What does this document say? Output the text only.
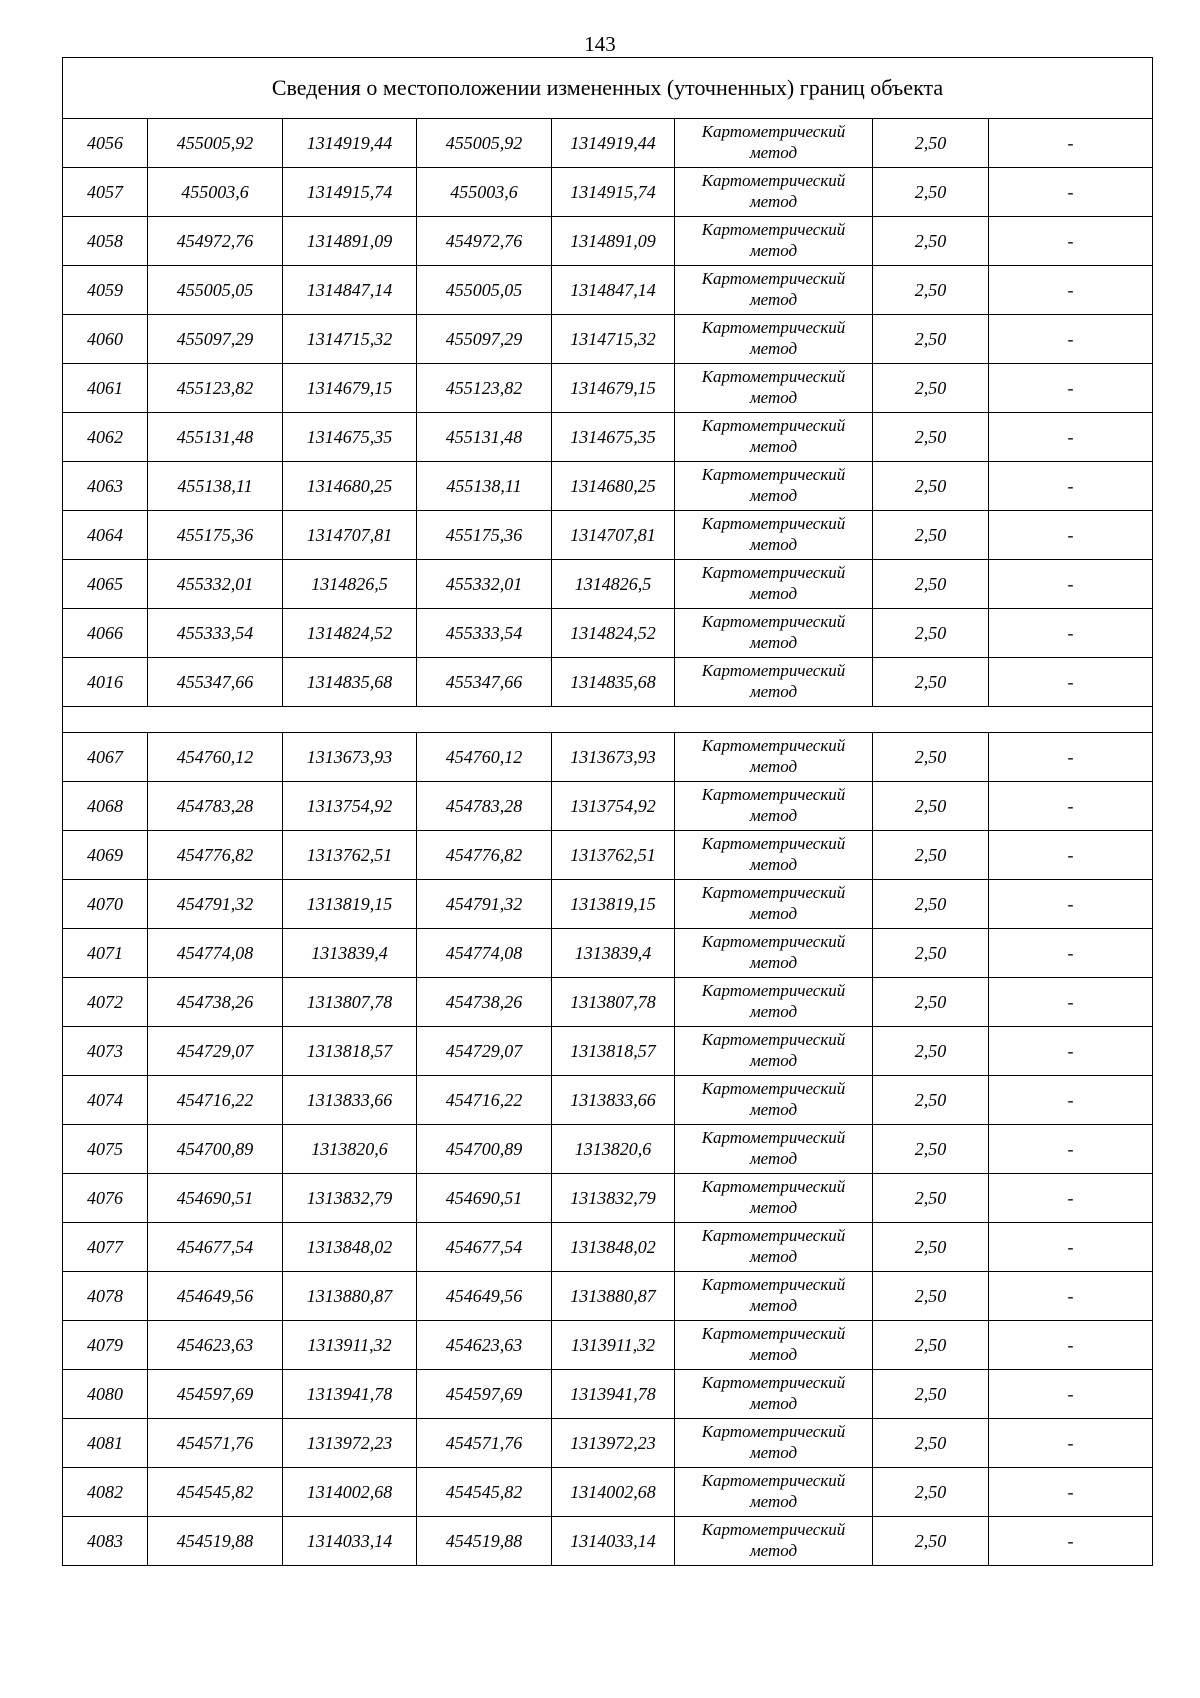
143
Сведения о местоположении измененных (уточненных) границ объекта							
4056	455005,92	1314919,44	455005,92	1314919,44	Картометрический
метод	2,50	-
4057	455003,6	1314915,74	455003,6	1314915,74	Картометрический
метод	2,50	-
4058	454972,76	1314891,09	454972,76	1314891,09	Картометрический
метод	2,50	-
4059	455005,05	1314847,14	455005,05	1314847,14	Картометрический
метод	2,50	-
4060	455097,29	1314715,32	455097,29	1314715,32	Картометрический
метод	2,50	-
4061	455123,82	1314679,15	455123,82	1314679,15	Картометрический
метод	2,50	-
4062	455131,48	1314675,35	455131,48	1314675,35	Картометрический
метод	2,50	-
4063	455138,11	1314680,25	455138,11	1314680,25	Картометрический
метод	2,50	-
4064	455175,36	1314707,81	455175,36	1314707,81	Картометрический
метод	2,50	-
4065	455332,01	1314826,5	455332,01	1314826,5	Картометрический
метод	2,50	-
4066	455333,54	1314824,52	455333,54	1314824,52	Картометрический
метод	2,50	-
4016	455347,66	1314835,68	455347,66	1314835,68	Картометрический
метод	2,50	-

4067	454760,12	1313673,93	454760,12	1313673,93	Картометрический
метод	2,50	-
4068	454783,28	1313754,92	454783,28	1313754,92	Картометрический
метод	2,50	-
4069	454776,82	1313762,51	454776,82	1313762,51	Картометрический
метод	2,50	-
4070	454791,32	1313819,15	454791,32	1313819,15	Картометрический
метод	2,50	-
4071	454774,08	1313839,4	454774,08	1313839,4	Картометрический
метод	2,50	-
4072	454738,26	1313807,78	454738,26	1313807,78	Картометрический
метод	2,50	-
4073	454729,07	1313818,57	454729,07	1313818,57	Картометрический
метод	2,50	-
4074	454716,22	1313833,66	454716,22	1313833,66	Картометрический
метод	2,50	-
4075	454700,89	1313820,6	454700,89	1313820,6	Картометрический
метод	2,50	-
4076	454690,51	1313832,79	454690,51	1313832,79	Картометрический
метод	2,50	-
4077	454677,54	1313848,02	454677,54	1313848,02	Картометрический
метод	2,50	-
4078	454649,56	1313880,87	454649,56	1313880,87	Картометрический
метод	2,50	-
4079	454623,63	1313911,32	454623,63	1313911,32	Картометрический
метод	2,50	-
4080	454597,69	1313941,78	454597,69	1313941,78	Картометрический
метод	2,50	-
4081	454571,76	1313972,23	454571,76	1313972,23	Картометрический
метод	2,50	-
4082	454545,82	1314002,68	454545,82	1314002,68	Картометрический
метод	2,50	-
4083	454519,88	1314033,14	454519,88	1314033,14	Картометрический
метод	2,50	-
